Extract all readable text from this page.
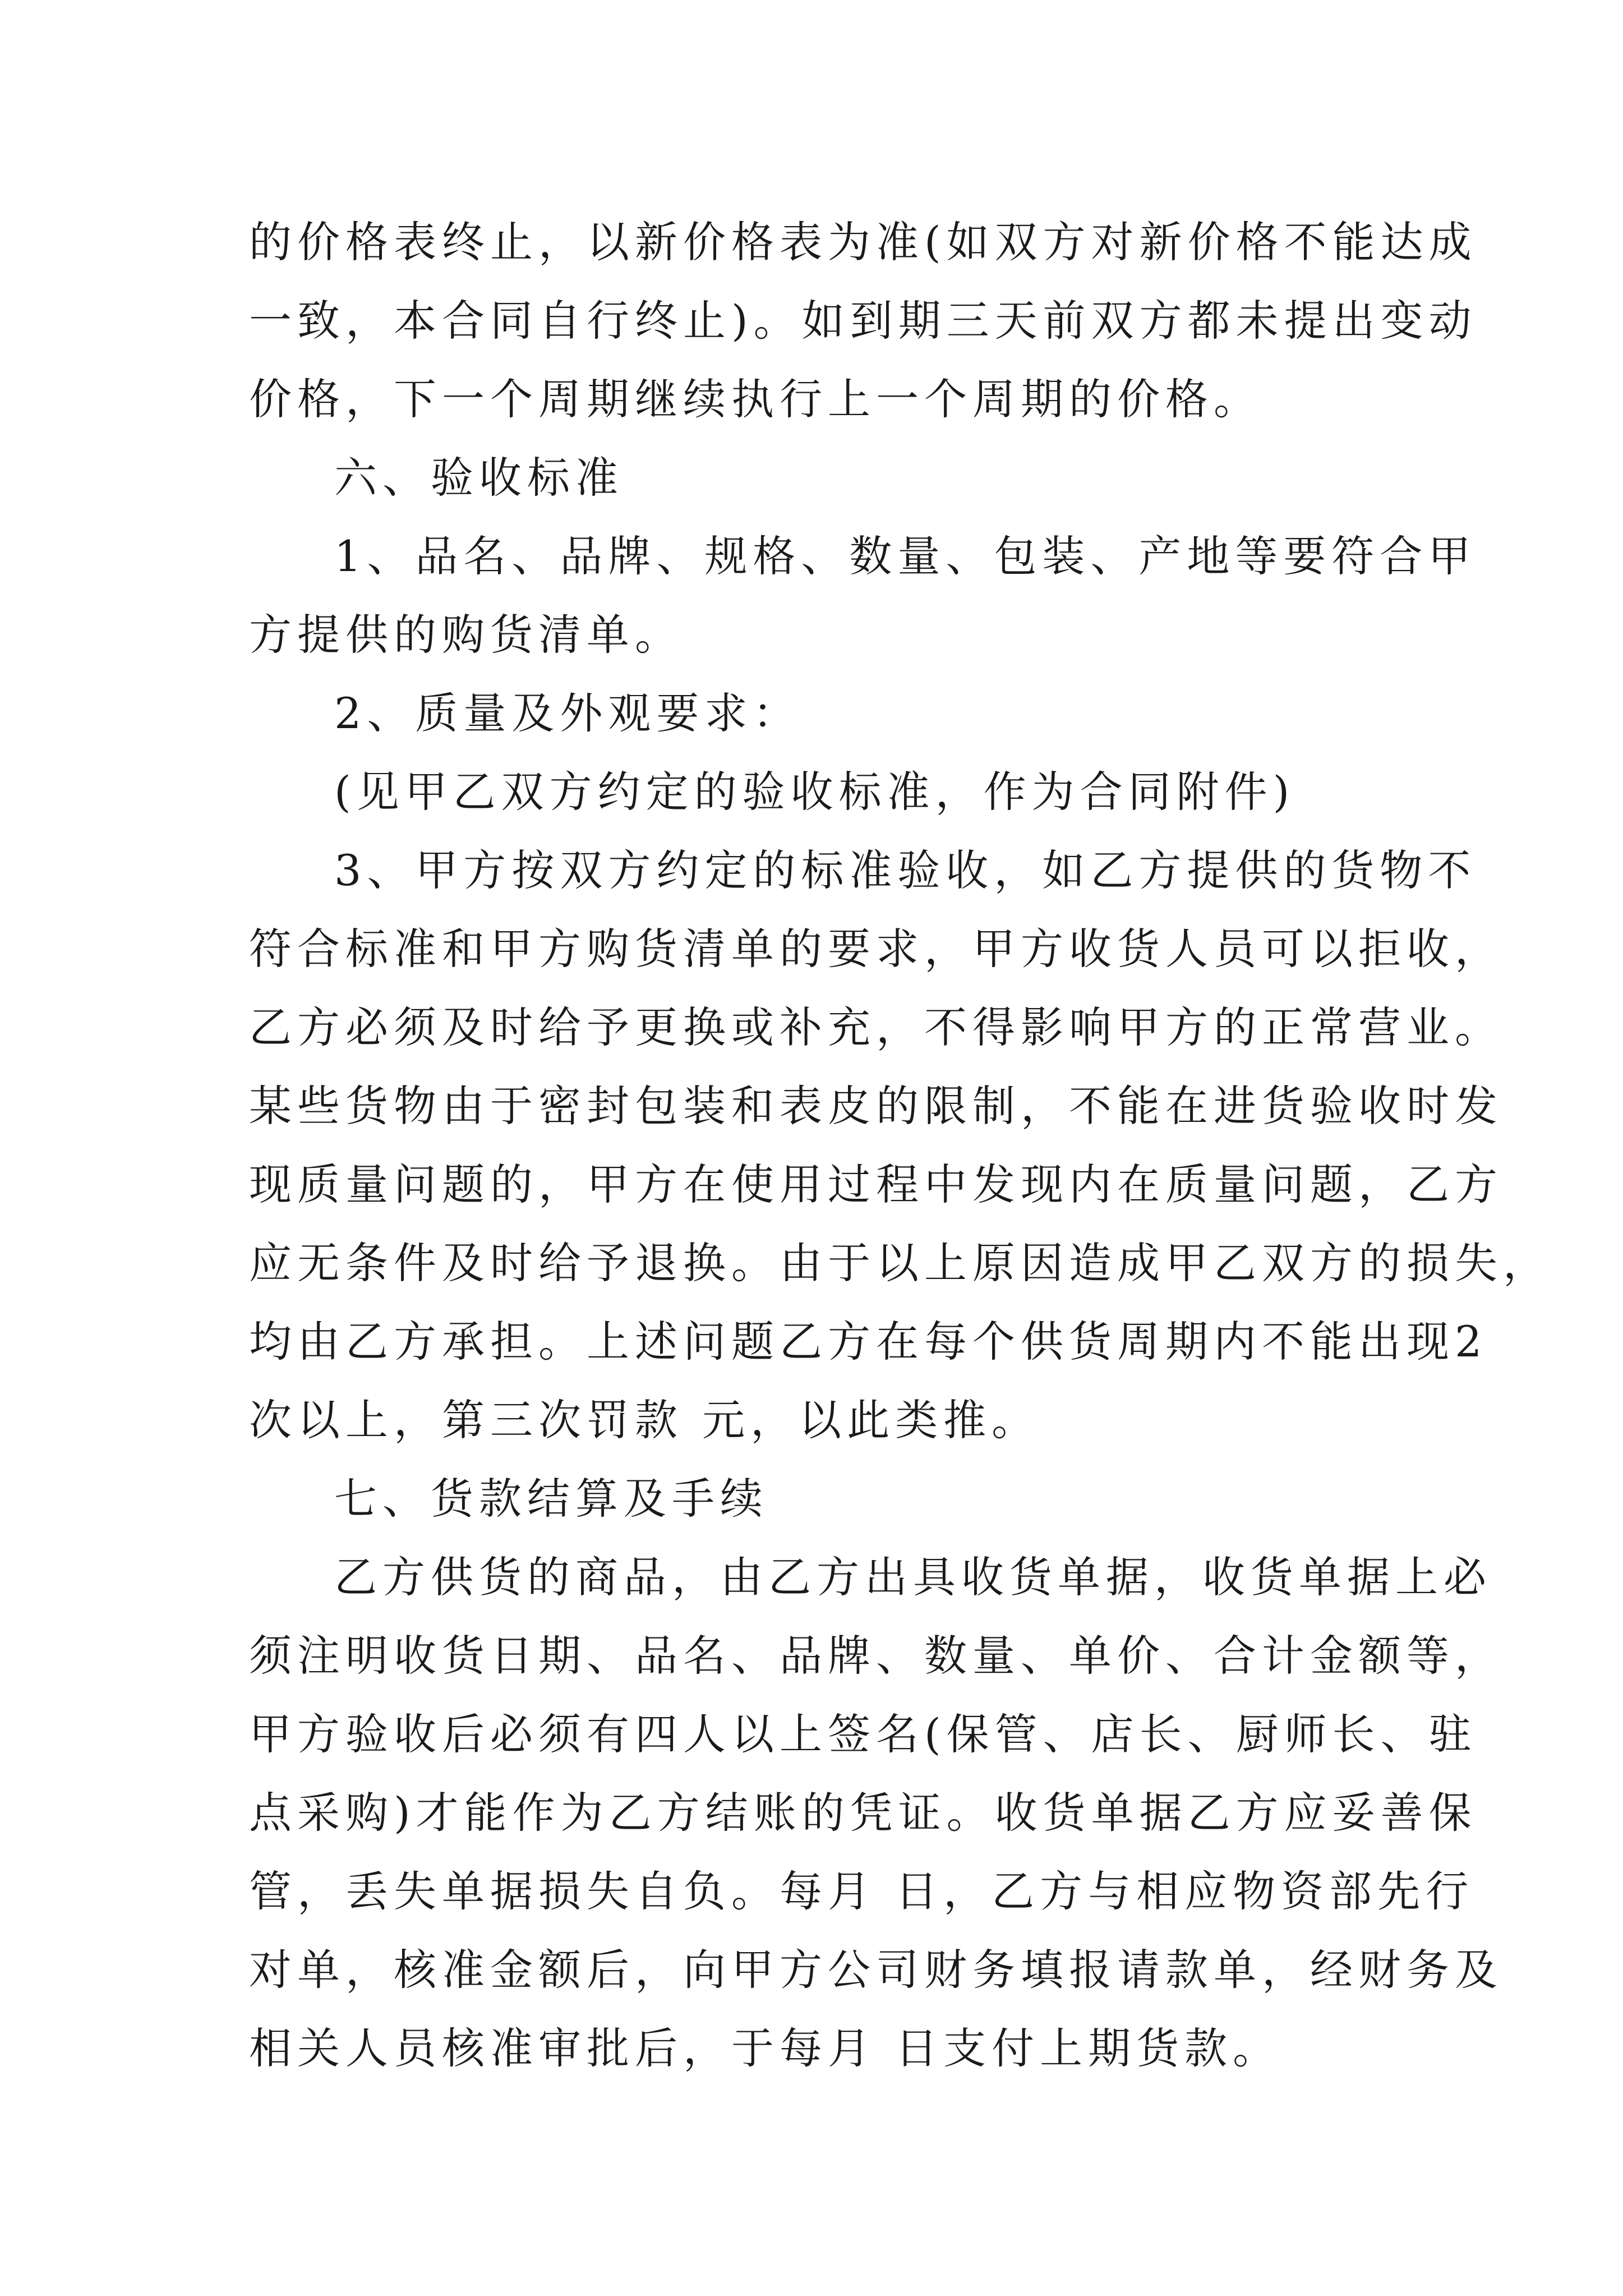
的价格表终止，以新价格表为准(如双方对新价格不能达成
一致，本合同自行终止)。如到期三天前双方都未提出变动
价格，下一个周期继续执行上一个周期的价格。
六、验收标准
1、品名、品牌、规格、数量、包装、产地等要符合甲
方提供的购货清单。
2、质量及外观要求：
(见甲乙双方约定的验收标准，作为合同附件)
3、甲方按双方约定的标准验收，如乙方提供的货物不
符合标准和甲方购货清单的要求，甲方收货人员可以拒收，
乙方必须及时给予更换或补充，不得影响甲方的正常营业。
某些货物由于密封包装和表皮的限制，不能在进货验收时发
现质量问题的，甲方在使用过程中发现内在质量问题，乙方
应无条件及时给予退换。由于以上原因造成甲乙双方的损失，
均由乙方承担。上述问题乙方在每个供货周期内不能出现2
次以上，第三次罚款 元，以此类推。
七、货款结算及手续
乙方供货的商品，由乙方出具收货单据，收货单据上必
须注明收货日期、品名、品牌、数量、单价、合计金额等，
甲方验收后必须有四人以上签名(保管、店长、厨师长、驻
点采购)才能作为乙方结账的凭证。收货单据乙方应妥善保
管，丢失单据损失自负。每月 日，乙方与相应物资部先行
对单，核准金额后，向甲方公司财务填报请款单，经财务及
相关人员核准审批后，于每月 日支付上期货款。
